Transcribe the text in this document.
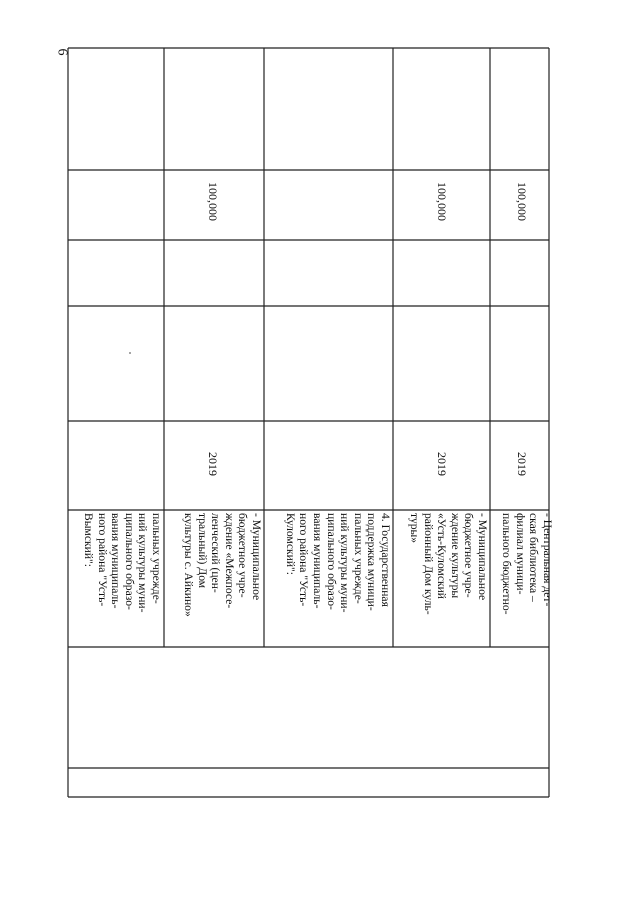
6
пальных учрежде-
ний культуры муни-
ципального образо-
вания муниципаль-
ного района "Усть-
Вымский":	- Муниципальное
бюджетное учре-
ждение «Межпосе-
ленческий (цен-
тральный) Дом
культуры с. Айкино»
2019
100,000
4. Государственная
поддержка муници-
пальных учрежде-
ний культуры муни-
ципального образо-
вания муниципаль-
ного района "Усть-
Куломский":	- Муниципальное
бюджетное учре-
ждение культуры
«Усть-Куломский
районный Дом куль-
туры»
2019
100,000
- Центральная дет-
ская библиотека –
филиал муници-
пального бюджетно-
2019
100,000
